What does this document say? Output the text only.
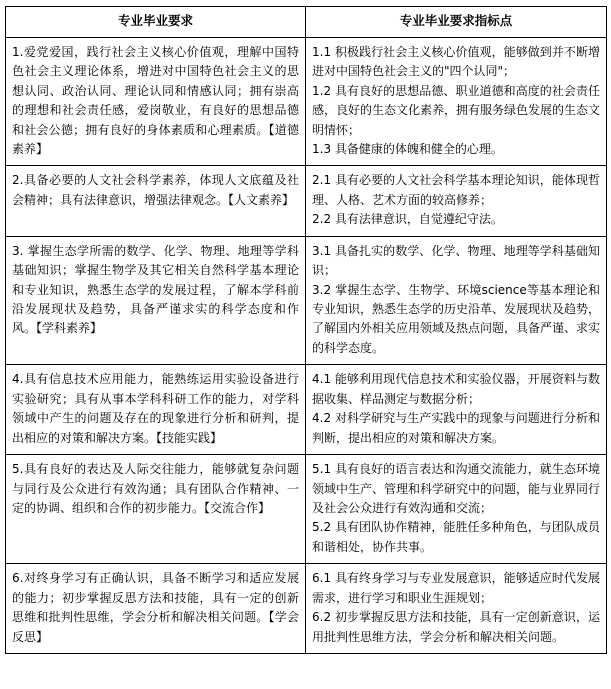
专业毕业要求	专业毕业要求指标点

1.爱党爱国，践行社会主义核心价值观，理解中国特色社会主义理论体系，增进对中国特色社会主义的思想认同、政治认同、理论认同和情感认同；拥有崇高的理想和社会责任感，爱岗敬业，有良好的思想品德和社会公德；拥有良好的身体素质和心理素质。【道德素养】	1.1 积极践行社会主义核心价值观，能够做到并不断增进对中国特色社会主义的"四个认同"；

1.2 具有良好的思想品德、职业道德和高度的社会责任感，良好的生态文化素养，拥有服务绿色发展的生态文明情怀；

1.3 具备健康的体魄和健全的心理。

2.具备必要的人文社会科学素养，体现人文底蕴及社会精神；具有法律意识，增强法律观念。【人文素养】	2.1 具有必要的人文社会科学基本理论知识，能体现哲理、人格、艺术方面的较高修养；

2.2 具有法律意识，自觉遵纪守法。

3. 掌握生态学所需的数学、化学、物理、地理等学科基础知识；掌握生物学及其它相关自然科学基本理论和专业知识，熟悉生态学的发展过程，了解本学科前沿发展现状及趋势，具备严谨求实的科学态度和作风。【学科素养】	3.1 具备扎实的数学、化学、物理、地理等学科基础知识；

3.2 掌握生态学、生物学、环境science等基本理论和专业知识，熟悉生态学的历史沿革、发展现状及趋势，了解国内外相关应用领域及热点问题，具备严谨、求实的科学态度。

4.具有信息技术应用能力，能熟练运用实验设备进行实验研究；具有从事本学科科研工作的能力，对学科领域中产生的问题及存在的现象进行分析和研判，提出相应的对策和解决方案。【技能实践】	4.1 能够利用现代信息技术和实验仪器，开展资料与数据收集、样品测定与数据分析；

4.2 对科学研究与生产实践中的现象与问题进行分析和判断，提出相应的对策和解决方案。

5.具有良好的表达及人际交往能力，能够就复杂问题与同行及公众进行有效沟通；具有团队合作精神、一定的协调、组织和合作的初步能力。【交流合作】	5.1 具有良好的语言表达和沟通交流能力，就生态环境领域中生产、管理和科学研究中的问题，能与业界同行及社会公众进行有效沟通和交流；

5.2 具有团队协作精神，能胜任多种角色，与团队成员和谐相处，协作共事。

6.对终身学习有正确认识，具备不断学习和适应发展的能力；初步掌握反思方法和技能，具有一定的创新思维和批判性思维，学会分析和解决相关问题。【学会反思】	6.1 具有终身学习与专业发展意识，能够适应时代发展需求，进行学习和职业生涯规划；

6.2 初步掌握反思方法和技能，具有一定创新意识，运用批判性思维方法，学会分析和解决相关问题。
